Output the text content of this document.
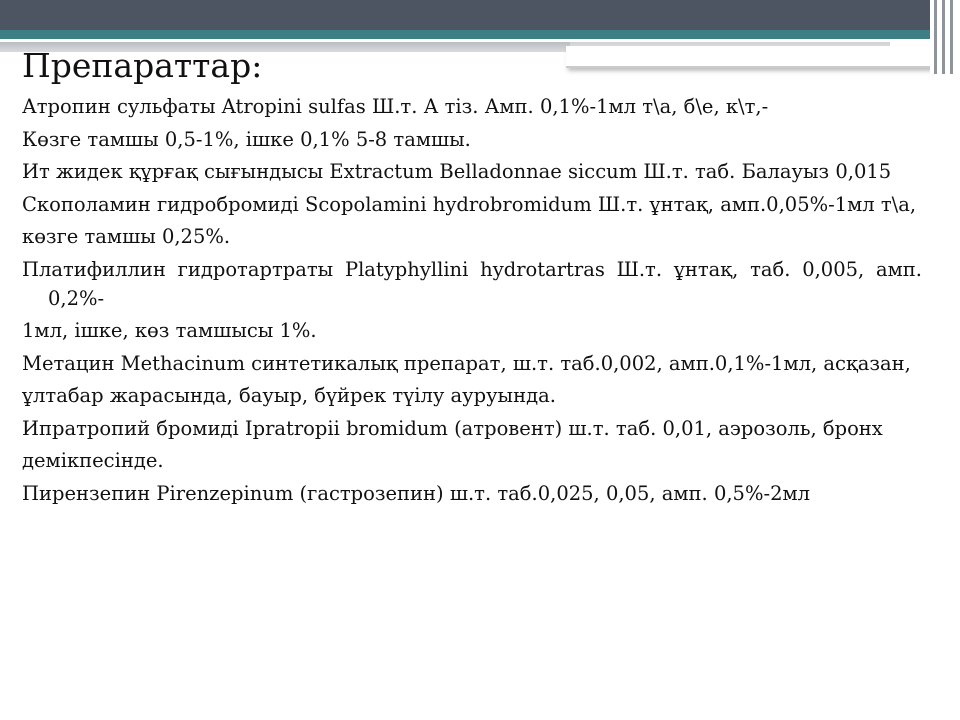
Препараттар:

Атропин сульфаты Atropini sulfas Ш.т. А тіз. Амп. 0,1%-1мл т\а, б\е, к\т,-

Көзге тамшы 0,5-1%, ішке 0,1% 5-8 тамшы.

Ит жидек құрғақ сығындысы Extractum Belladonnae siccum Ш.т. таб. Балауыз 0,015

Скополамин гидробромиді Scopolamini hydrobromidum Ш.т. ұнтақ, амп.0,05%-1мл т\а,

көзге тамшы 0,25%.

Платифиллин гидротартраты Platyphyllini hydrotartras Ш.т. ұнтақ, таб. 0,005, амп. 0,2%-

1мл, ішке, көз тамшысы 1%.

Метацин Methacinum синтетикалық препарат, ш.т. таб.0,002, амп.0,1%-1мл, асқазан,

ұлтабар жарасында, бауыр, бүйрек түілу ауруында.

Ипратропий бромиді Ipratropii bromidum (атровент) ш.т. таб. 0,01, аэрозоль, бронх

демікпесінде.

Пирензепин Pirenzepinum (гастрозепин) ш.т. таб.0,025, 0,05, амп. 0,5%-2мл
